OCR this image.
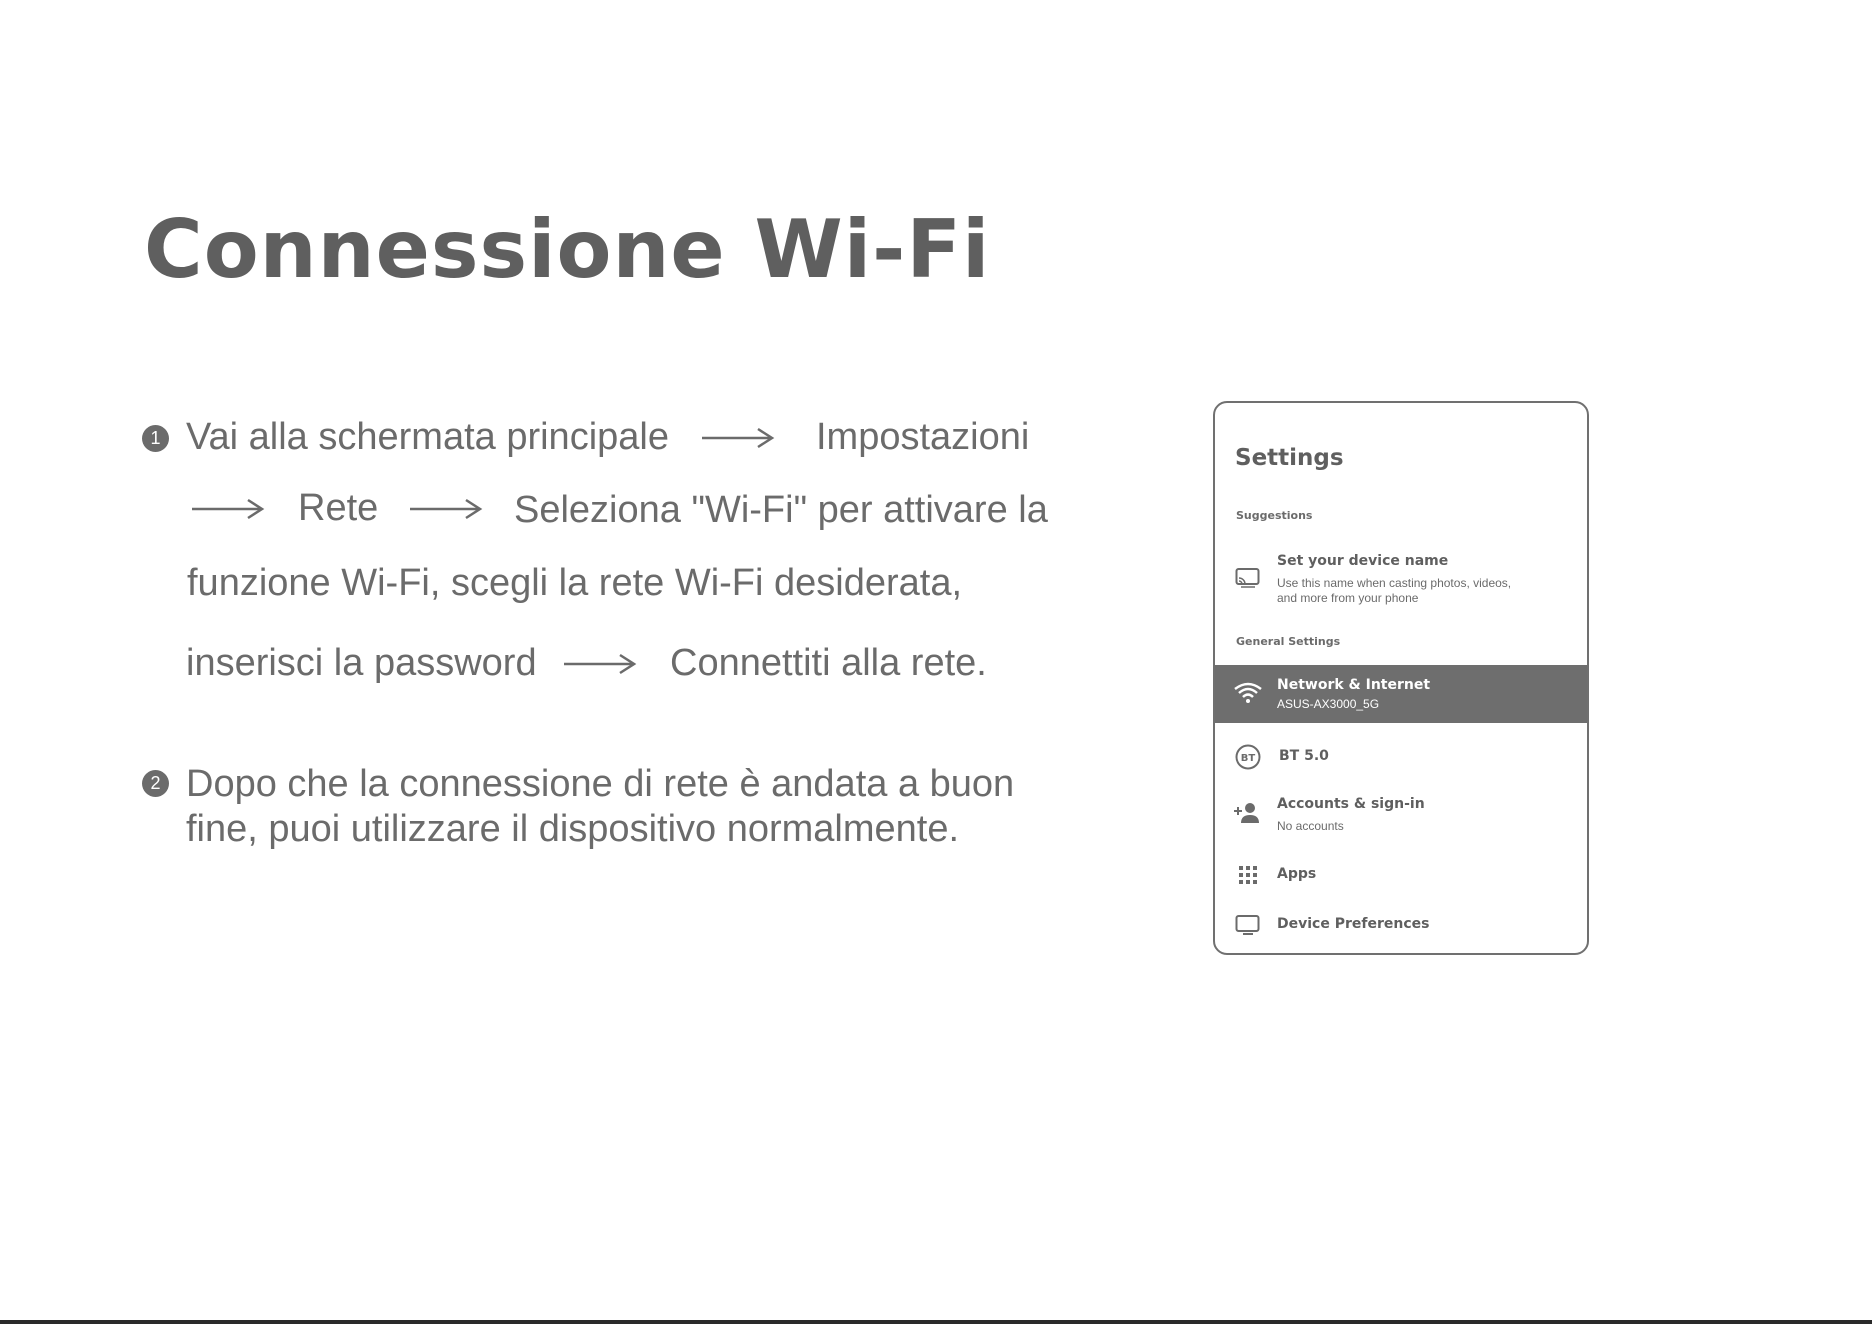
Connessione Wi-Fi
1 Vai alla schermata principale	Impostazioni
Rete	Seleziona "Wi-Fi" per attivare la
funzione Wi-Fi, scegli la rete Wi-Fi desiderata,
inserisci la password	Connettiti alla rete.
2 Dopo che la connessione di rete è andata a buon
fine, puoi utilizzare il dispositivo normalmente.
Settings
Suggestions
Set your device name
Use this name when casting photos, videos,
and more from your phone
General Settings
Network & Internet
ASUS-AX3000_5G
BT BT 5.0
Accounts & sign-in
No accounts
Apps
Device Preferences
